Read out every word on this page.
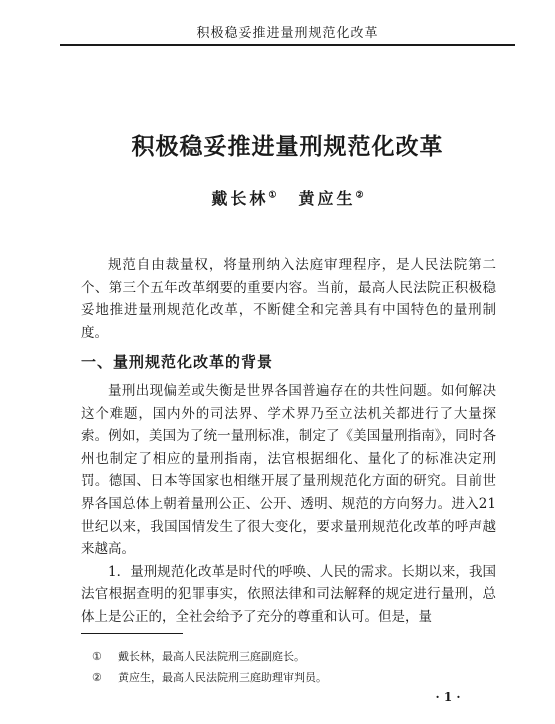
积极稳妥推进量刑规范化改革
积极稳妥推进量刑规范化改革
戴长林① 黄应生②

规范自由裁量权，将量刑纳入法庭审理程序，是人民法院第二个、第三个五年改革纲要的重要内容。当前，最高人民法院正积极稳妥地推进量刑规范化改革，不断健全和完善具有中国特色的量刑制度。

一、量刑规范化改革的背景

量刑出现偏差或失衡是世界各国普遍存在的共性问题。如何解决这个难题，国内外的司法界、学术界乃至立法机关都进行了大量探索。例如，美国为了统一量刑标准，制定了《美国量刑指南》，同时各州也制定了相应的量刑指南，法官根据细化、量化了的标准决定刑罚。德国、日本等国家也相继开展了量刑规范化方面的研究。目前世界各国总体上朝着量刑公正、公开、透明、规范的方向努力。进入21世纪以来，我国国情发生了很大变化，要求量刑规范化改革的呼声越来越高。

1．量刑规范化改革是时代的呼唤、人民的需求。长期以来，我国法官根据查明的犯罪事实，依照法律和司法解释的规定进行量刑，总体上是公正的，全社会给予了充分的尊重和认可。但是，量

① 戴长林，最高人民法院刑三庭副庭长。
② 黄应生，最高人民法院刑三庭助理审判员。
· 1 ·
